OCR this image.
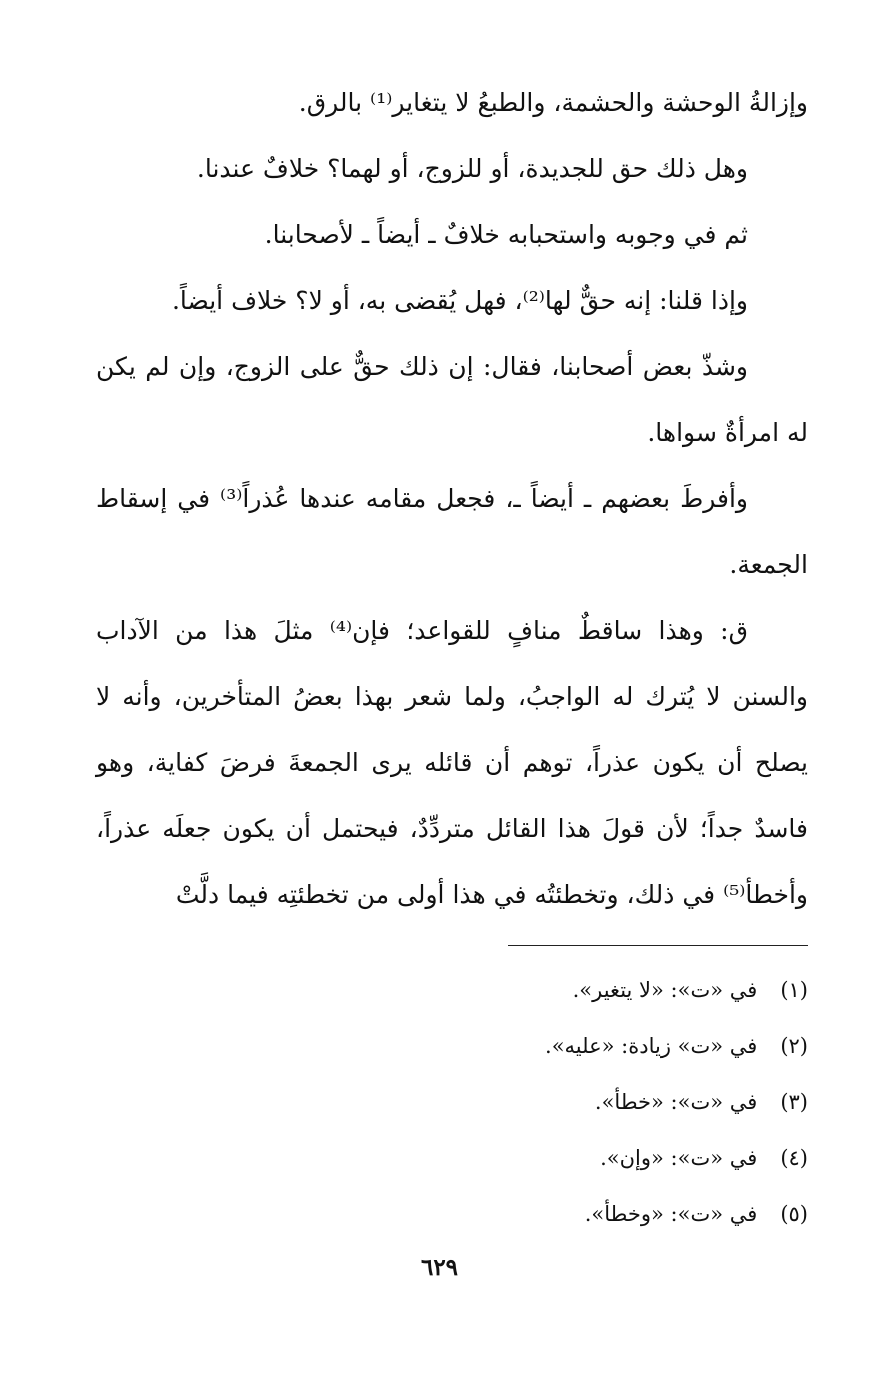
وإزالةُ الوحشة والحشمة، والطبعُ لا يتغاير⁽¹⁾ بالرق.

وهل ذلك حق للجديدة، أو للزوج، أو لهما؟ خلافٌ عندنا.

ثم في وجوبه واستحبابه خلافٌ ـ أيضاً ـ لأصحابنا.

وإذا قلنا: إنه حقٌّ لها⁽²⁾، فهل يُقضى به، أو لا؟ خلاف أيضاً.

وشذّ بعض أصحابنا، فقال: إن ذلك حقٌّ على الزوج، وإن لم يكن له امرأةٌ سواها.

وأفرطَ بعضهم ـ أيضاً ـ، فجعل مقامه عندها عُذراً⁽³⁾ في إسقاط الجمعة.

ق: وهذا ساقطٌ منافٍ للقواعد؛ فإن⁽⁴⁾ مثلَ هذا من الآداب والسنن لا يُترك له الواجبُ، ولما شعر بهذا بعضُ المتأخرين، وأنه لا يصلح أن يكون عذراً، توهم أن قائله يرى الجمعةَ فرضَ كفاية، وهو فاسدٌ جداً؛ لأن قولَ هذا القائل متردِّدٌ، فيحتمل أن يكون جعلَه عذراً، وأخطأ⁽⁵⁾ في ذلك، وتخطئتُه في هذا أولى من تخطئتِه فيما دلَّتْ

(١) في «ت»: «لا يتغير».

(٢) في «ت» زيادة: «عليه».

(٣) في «ت»: «خطأ».

(٤) في «ت»: «وإن».

(٥) في «ت»: «وخطأ».

٦٢٩
